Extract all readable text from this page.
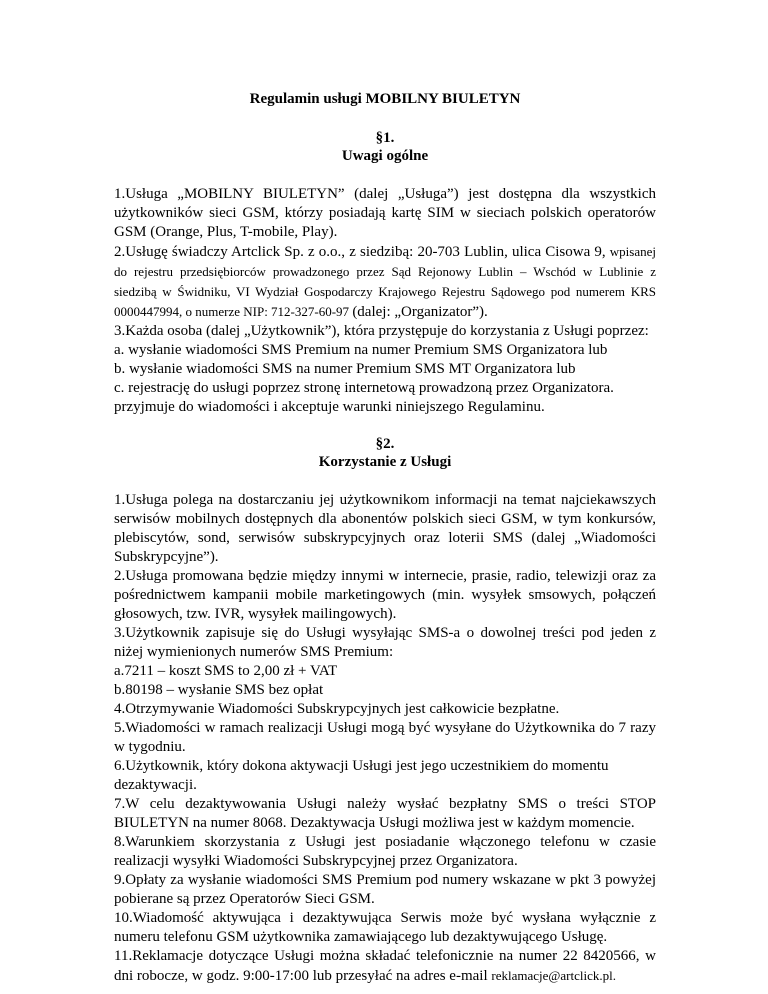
Regulamin usługi MOBILNY BIULETYN

§1.

Uwagi ogólne

1.Usługa „MOBILNY BIULETYN” (dalej „Usługa”) jest dostępna dla wszystkich użytkowników sieci GSM, którzy posiadają kartę SIM w sieciach polskich operatorów GSM (Orange, Plus, T-mobile, Play).

2.Usługę świadczy Artclick Sp. z o.o., z siedzibą: 20-703 Lublin, ulica Cisowa 9, wpisanej do rejestru przedsiębiorców prowadzonego przez Sąd Rejonowy Lublin – Wschód w Lublinie z siedzibą w Świdniku, VI Wydział Gospodarczy Krajowego Rejestru Sądowego pod numerem KRS 0000447994, o numerze NIP: 712-327-60-97 (dalej: „Organizator”).

3.Każda osoba (dalej „Użytkownik”), która przystępuje do korzystania z Usługi poprzez:

a. wysłanie wiadomości SMS Premium na numer Premium SMS Organizatora lub

b. wysłanie wiadomości SMS na numer Premium SMS MT Organizatora lub

c. rejestrację do usługi poprzez stronę internetową prowadzoną przez Organizatora.

przyjmuje do wiadomości i akceptuje warunki niniejszego Regulaminu.

§2.

Korzystanie z Usługi

1.Usługa polega na dostarczaniu jej użytkownikom informacji na temat najciekawszych serwisów mobilnych dostępnych dla abonentów polskich sieci GSM, w tym konkursów, plebiscytów, sond, serwisów subskrypcyjnych oraz loterii SMS (dalej „Wiadomości Subskrypcyjne”).

2.Usługa promowana będzie między innymi w internecie, prasie, radio, telewizji oraz za pośrednictwem kampanii mobile marketingowych (min. wysyłek smsowych, połączeń głosowych, tzw. IVR, wysyłek mailingowych).

3.Użytkownik zapisuje się do Usługi wysyłając SMS-a o dowolnej treści pod jeden z niżej wymienionych numerów SMS Premium:

a.7211 – koszt SMS to 2,00 zł + VAT

b.80198 – wysłanie SMS bez opłat

4.Otrzymywanie Wiadomości Subskrypcyjnych jest całkowicie bezpłatne.

5.Wiadomości w ramach realizacji Usługi mogą być wysyłane do Użytkownika do 7 razy w tygodniu.

6.Użytkownik, który dokona aktywacji Usługi jest jego uczestnikiem do momentu dezaktywacji.

7.W celu dezaktywowania Usługi należy wysłać bezpłatny SMS o treści STOP BIULETYN na numer 8068. Dezaktywacja Usługi możliwa jest w każdym momencie.

8.Warunkiem skorzystania z Usługi jest posiadanie włączonego telefonu w czasie realizacji wysyłki Wiadomości Subskrypcyjnej przez Organizatora.

9.Opłaty za wysłanie wiadomości SMS Premium pod numery wskazane w pkt 3 powyżej pobierane są przez Operatorów Sieci GSM.

10.Wiadomość aktywująca i dezaktywująca Serwis może być wysłana wyłącznie z numeru telefonu GSM użytkownika zamawiającego lub dezaktywującego Usługę.

11.Reklamacje dotyczące Usługi można składać telefonicznie na numer 22 8420566, w dni robocze, w godz. 9:00-17:00 lub przesyłać na adres e-mail reklamacje@artclick.pl.
